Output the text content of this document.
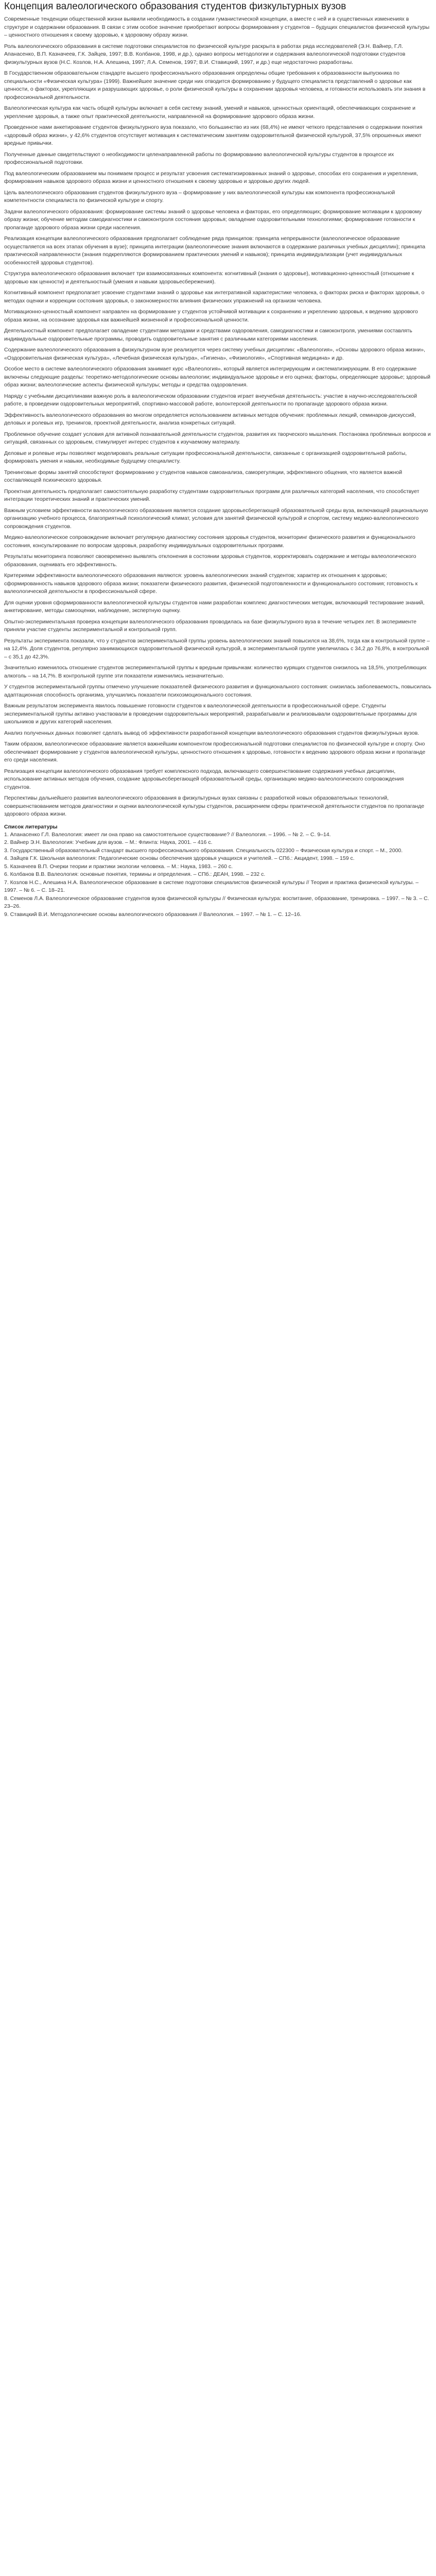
Концепция валеологического образования студентов физкультурных вузов

Современные тенденции общественной жизни выявили необходимость в создании гуманистической концепции, а вместе с ней и в существенных изменениях в структуре и содержании образования. В связи с этим особое значение приобретают вопросы формирования у студентов – будущих специалистов физической культуры – ценностного отношения к своему здоровью, к здоровому образу жизни.

Роль валеологического образования в системе подготовки специалистов по физической культуре раскрыта в работах ряда исследователей (Э.Н. Вайнер, Г.Л. Апанасенко, В.П. Казначеев, Г.К. Зайцев, 1997; В.В. Колбанов, 1998, и др.), однако вопросы методологии и содержания валеологической подготовки студентов физкультурных вузов (Н.С. Козлов, Н.А. Алешина, 1997; Л.А. Семенов, 1997; В.И. Ставицкий, 1997, и др.) еще недостаточно разработаны.

В Государственном образовательном стандарте высшего профессионального образования определены общие требования к образованности выпускника по специальности «Физическая культура» (1999). Важнейшее значение среди них отводится формированию у будущего специалиста представлений о здоровье как ценности, о факторах, укрепляющих и разрушающих здоровье, о роли физической культуры в сохранении здоровья человека, и готовности использовать эти знания в профессиональной деятельности.

Валеологическая культура как часть общей культуры включает в себя систему знаний, умений и навыков, ценностных ориентаций, обеспечивающих сохранение и укрепление здоровья, а также опыт практической деятельности, направленной на формирование здорового образа жизни.

Проведенное нами анкетирование студентов физкультурного вуза показало, что большинство из них (68,4%) не имеют четкого представления о содержании понятия «здоровый образ жизни», у 42,6% студентов отсутствует мотивация к систематическим занятиям оздоровительной физической культурой, 37,5% опрошенных имеют вредные привычки.

Полученные данные свидетельствуют о необходимости целенаправленной работы по формированию валеологической культуры студентов в процессе их профессиональной подготовки.

Под валеологическим образованием мы понимаем процесс и результат усвоения систематизированных знаний о здоровье, способах его сохранения и укрепления, формирования навыков здорового образа жизни и ценностного отношения к своему здоровью и здоровью других людей.

Цель валеологического образования студентов физкультурного вуза – формирование у них валеологической культуры как компонента профессиональной компетентности специалиста по физической культуре и спорту.

Задачи валеологического образования: формирование системы знаний о здоровье человека и факторах, его определяющих; формирование мотивации к здоровому образу жизни; обучение методам самодиагностики и самоконтроля состояния здоровья; овладение оздоровительными технологиями; формирование готовности к пропаганде здорового образа жизни среди населения.

Реализация концепции валеологического образования предполагает соблюдение ряда принципов: принципа непрерывности (валеологическое образование осуществляется на всех этапах обучения в вузе); принципа интеграции (валеологические знания включаются в содержание различных учебных дисциплин); принципа практической направленности (знания подкрепляются формированием практических умений и навыков); принципа индивидуализации (учет индивидуальных особенностей здоровья студентов).

Структура валеологического образования включает три взаимосвязанных компонента: когнитивный (знания о здоровье), мотивационно-ценностный (отношение к здоровью как ценности) и деятельностный (умения и навыки здоровьесбережения).

Когнитивный компонент предполагает усвоение студентами знаний о здоровье как интегративной характеристике человека, о факторах риска и факторах здоровья, о методах оценки и коррекции состояния здоровья, о закономерностях влияния физических упражнений на организм человека.

Мотивационно-ценностный компонент направлен на формирование у студентов устойчивой мотивации к сохранению и укреплению здоровья, к ведению здорового образа жизни, на осознание здоровья как важнейшей жизненной и профессиональной ценности.

Деятельностный компонент предполагает овладение студентами методами и средствами оздоровления, самодиагностики и самоконтроля, умениями составлять индивидуальные оздоровительные программы, проводить оздоровительные занятия с различными категориями населения.

Содержание валеологического образования в физкультурном вузе реализуется через систему учебных дисциплин: «Валеология», «Основы здорового образа жизни», «Оздоровительная физическая культура», «Лечебная физическая культура», «Гигиена», «Физиология», «Спортивная медицина» и др.

Особое место в системе валеологического образования занимает курс «Валеология», который является интегрирующим и систематизирующим. В его содержание включены следующие разделы: теоретико-методологические основы валеологии; индивидуальное здоровье и его оценка; факторы, определяющие здоровье; здоровый образ жизни; валеологические аспекты физической культуры; методы и средства оздоровления.

Наряду с учебными дисциплинами важную роль в валеологическом образовании студентов играет внеучебная деятельность: участие в научно-исследовательской работе, в проведении оздоровительных мероприятий, спортивно-массовой работе, волонтерской деятельности по пропаганде здорового образа жизни.

Эффективность валеологического образования во многом определяется использованием активных методов обучения: проблемных лекций, семинаров-дискуссий, деловых и ролевых игр, тренингов, проектной деятельности, анализа конкретных ситуаций.

Проблемное обучение создает условия для активной познавательной деятельности студентов, развития их творческого мышления. Постановка проблемных вопросов и ситуаций, связанных со здоровьем, стимулирует интерес студентов к изучаемому материалу.

Деловые и ролевые игры позволяют моделировать реальные ситуации профессиональной деятельности, связанные с организацией оздоровительной работы, формировать умения и навыки, необходимые будущему специалисту.

Тренинговые формы занятий способствуют формированию у студентов навыков самоанализа, саморегуляции, эффективного общения, что является важной составляющей психического здоровья.

Проектная деятельность предполагает самостоятельную разработку студентами оздоровительных программ для различных категорий населения, что способствует интеграции теоретических знаний и практических умений.

Важным условием эффективности валеологического образования является создание здоровьесберегающей образовательной среды вуза, включающей рациональную организацию учебного процесса, благоприятный психологический климат, условия для занятий физической культурой и спортом, систему медико-валеологического сопровождения студентов.

Медико-валеологическое сопровождение включает регулярную диагностику состояния здоровья студентов, мониторинг физического развития и функционального состояния, консультирование по вопросам здоровья, разработку индивидуальных оздоровительных программ.

Результаты мониторинга позволяют своевременно выявлять отклонения в состоянии здоровья студентов, корректировать содержание и методы валеологического образования, оценивать его эффективность.

Критериями эффективности валеологического образования являются: уровень валеологических знаний студентов; характер их отношения к здоровью; сформированность навыков здорового образа жизни; показатели физического развития, физической подготовленности и функционального состояния; готовность к валеологической деятельности в профессиональной сфере.

Для оценки уровня сформированности валеологической культуры студентов нами разработан комплекс диагностических методик, включающий тестирование знаний, анкетирование, методы самооценки, наблюдение, экспертную оценку.

Опытно-экспериментальная проверка концепции валеологического образования проводилась на базе физкультурного вуза в течение четырех лет. В эксперименте приняли участие студенты экспериментальной и контрольной групп.

Результаты эксперимента показали, что у студентов экспериментальной группы уровень валеологических знаний повысился на 38,6%, тогда как в контрольной группе – на 12,4%. Доля студентов, регулярно занимающихся оздоровительной физической культурой, в экспериментальной группе увеличилась с 34,2 до 76,8%, в контрольной – с 35,1 до 42,3%.

Значительно изменилось отношение студентов экспериментальной группы к вредным привычкам: количество курящих студентов снизилось на 18,5%, употребляющих алкоголь – на 14,7%. В контрольной группе эти показатели изменились незначительно.

У студентов экспериментальной группы отмечено улучшение показателей физического развития и функционального состояния: снизилась заболеваемость, повысилась адаптационная способность организма, улучшились показатели психоэмоционального состояния.

Важным результатом эксперимента явилось повышение готовности студентов к валеологической деятельности в профессиональной сфере. Студенты экспериментальной группы активно участвовали в проведении оздоровительных мероприятий, разрабатывали и реализовывали оздоровительные программы для школьников и других категорий населения.

Анализ полученных данных позволяет сделать вывод об эффективности разработанной концепции валеологического образования студентов физкультурных вузов.

Таким образом, валеологическое образование является важнейшим компонентом профессиональной подготовки специалистов по физической культуре и спорту. Оно обеспечивает формирование у студентов валеологической культуры, ценностного отношения к здоровью, готовности к ведению здорового образа жизни и пропаганде его среди населения.

Реализация концепции валеологического образования требует комплексного подхода, включающего совершенствование содержания учебных дисциплин, использование активных методов обучения, создание здоровьесберегающей образовательной среды, организацию медико-валеологического сопровождения студентов.

Перспективы дальнейшего развития валеологического образования в физкультурных вузах связаны с разработкой новых образовательных технологий, совершенствованием методов диагностики и оценки валеологической культуры студентов, расширением сферы практической деятельности студентов по пропаганде здорового образа жизни.

Список литературы

1. Апанасенко Г.Л. Валеология: имеет ли она право на самостоятельное существование? // Валеология. – 1996. – № 2. – С. 9–14.

2. Вайнер Э.Н. Валеология: Учебник для вузов. – М.: Флинта: Наука, 2001. – 416 с.

3. Государственный образовательный стандарт высшего профессионального образования. Специальность 022300 – Физическая культура и спорт. – М., 2000.

4. Зайцев Г.К. Школьная валеология: Педагогические основы обеспечения здоровья учащихся и учителей. – СПб.: Акцидент, 1998. – 159 с.

5. Казначеев В.П. Очерки теории и практики экологии человека. – М.: Наука, 1983. – 260 с.

6. Колбанов В.В. Валеология: основные понятия, термины и определения. – СПб.: ДЕАН, 1998. – 232 с.

7. Козлов Н.С., Алешина Н.А. Валеологическое образование в системе подготовки специалистов физической культуры // Теория и практика физической культуры. – 1997. – № 6. – С. 18–21.

8. Семенов Л.А. Валеологическое образование студентов вузов физической культуры // Физическая культура: воспитание, образование, тренировка. – 1997. – № 3. – С. 23–26.

9. Ставицкий В.И. Методологические основы валеологического образования // Валеология. – 1997. – № 1. – С. 12–16.
